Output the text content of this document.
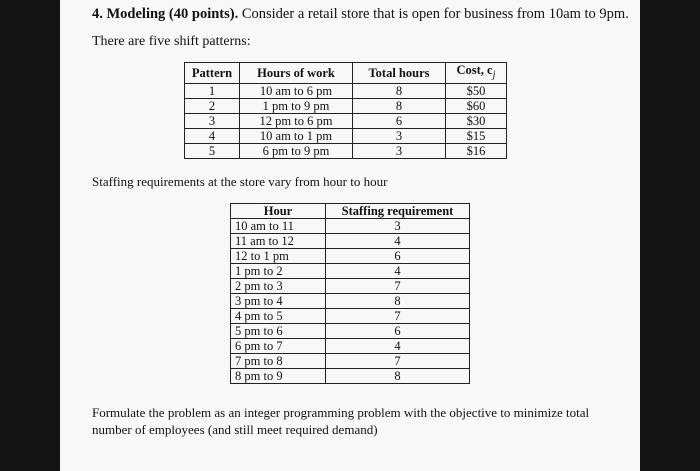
4. Modeling (40 points). Consider a retail store that is open for business from 10am to 9pm.
There are five shift patterns:
Pattern	Hours of work	Total hours	Cost, $c_j$
1	10 am to 6 pm	8	$50
2	1 pm to 9 pm	8	$60
3	12 pm to 6 pm	6	$30
4	10 am to 1 pm	3	$15
5	6 pm to 9 pm	3	$16
Staffing requirements at the store vary from hour to hour
Hour	Staffing requirement
10 am to 11	3
11 am to 12	4
12 to 1 pm	6
1 pm to 2	4
2 pm to 3	7
3 pm to 4	8
4 pm to 5	7
5 pm to 6	6
6 pm to 7	4
7 pm to 8	7
8 pm to 9	8
Formulate the problem as an integer programming problem with the objective to minimize total number of employees (and still meet required demand)
